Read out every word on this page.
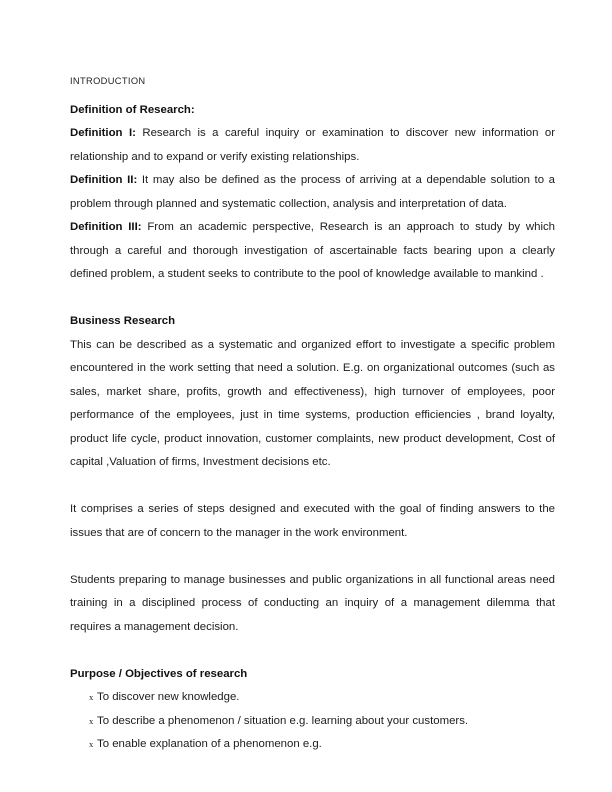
INTRODUCTION

Definition of Research:

Definition I: Research is a careful inquiry or examination to discover new information or relationship and to expand or verify existing relationships.

Definition II: It may also be defined as the process of arriving at a dependable solution to a problem through planned and systematic collection, analysis and interpretation of data.

Definition III: From an academic perspective, Research is an approach to study by which through a careful and thorough investigation of ascertainable facts bearing upon a clearly defined problem, a student seeks to contribute to the pool of knowledge available to mankind .

Business Research

This can be described as a systematic and organized effort to investigate a specific problem encountered in the work setting that need a solution. E.g. on organizational outcomes (such as sales, market share, profits, growth and effectiveness), high turnover of employees, poor performance of the employees, just in time systems, production efficiencies , brand loyalty, product life cycle, product innovation, customer complaints, new product development, Cost of capital ,Valuation of firms, Investment decisions etc.

It comprises a series of steps designed and executed with the goal of finding answers to the issues that are of concern to the manager in the work environment.

Students preparing to manage businesses and public organizations in all functional areas need training in a disciplined process of conducting an inquiry of a management dilemma that requires a management decision.

Purpose / Objectives of research
x To discover new knowledge.
x To describe a phenomenon / situation e.g. learning about your customers.
x To enable explanation of a phenomenon e.g.
